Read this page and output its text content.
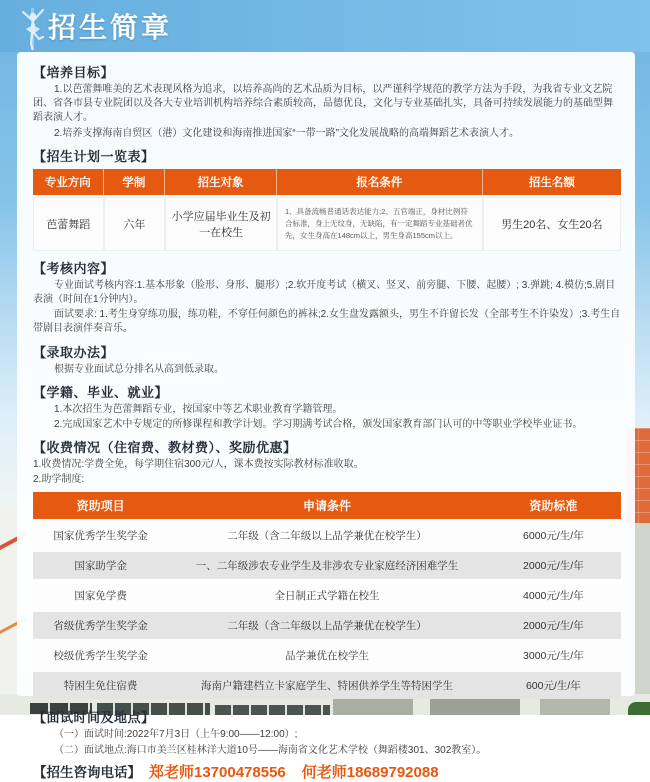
招生简章
【培养目标】

1.以芭蕾舞唯美的艺术表现风格为追求，以培养高尚的艺术品质为目标，以严谨科学规范的教学方法为手段，为我省专业文艺院团、省各市县专业院团以及各大专业培训机构培养综合素质较高，品德优良，文化与专业基础扎实，具备可持续发展能力的基础型舞蹈表演人才。

2.培养支撑海南自贸区（港）文化建设和海南推进国家“一带一路”文化发展战略的高端舞蹈艺术表演人才。

【招生计划一览表】
专业方向	学制	招生对象	报名条件	招生名额
芭蕾舞蹈	六年	小学应届毕业生及初一在校生	1、具备流畅普通话表达能力;2、五官端正，身材比例符合标准，身上无纹身，无缺陷，有一定舞蹈专业基础者优先，女生身高在148cm以上，男生身高155cm以上。	男生20名、女生20名
【考核内容】

专业面试考核内容:1.基本形象（脸形、身形、腿形）;2.软开度考试（横叉、竖叉、前旁腿、下腰、起腰）; 3.弹跳; 4.模仿;5.剧目表演（时间在1分钟内）。

面试要求: 1.考生身穿练功服，练功鞋，不穿任何颜色的裤袜;2.女生盘发露额头，男生不许留长发（全部考生不许染发）;3.考生自带剧目表演伴奏音乐。

【录取办法】

根据专业面试总分排名从高到低录取。

【学籍、毕业、就业】

1.本次招生为芭蕾舞蹈专业，按国家中等艺术职业教育学籍管理。

2.完成国家艺术中专规定的所修课程和教学计划。学习期满考试合格，颁发国家教育部门认可的中等职业学校毕业证书。

【收费情况（住宿费、教材费）、奖励优惠】

1.收费情况:学费全免，每学期住宿300元/人，课本费按实际教材标准收取。

2.助学制度:

资助项目	申请条件	资助标准
国家优秀学生奖学金	二年级（含二年级以上品学兼优在校学生）	6000元/生/年
国家助学金	一、二年级涉农专业学生及非涉农专业家庭经济困难学生	2000元/生/年
国家免学费	全日制正式学籍在校生	4000元/生/年
省级优秀学生奖学金	二年级（含二年级以上品学兼优在校学生）	2000元/生/年
校级优秀学生奖学金	品学兼优在校学生	3000元/生/年
特困生免住宿费	海南户籍建档立卡家庭学生、特困供养学生等特困学生	600元/生/年
【面试时间及地点】

（一）面试时间:2022年7月3日（上午9:00——12:00）;

（二）面试地点:海口市美兰区桂林洋大道10号——海南省文化艺术学校（舞蹈楼301、302教室）。

【招生咨询电话】 郑老师13700478556 何老师18689792088
